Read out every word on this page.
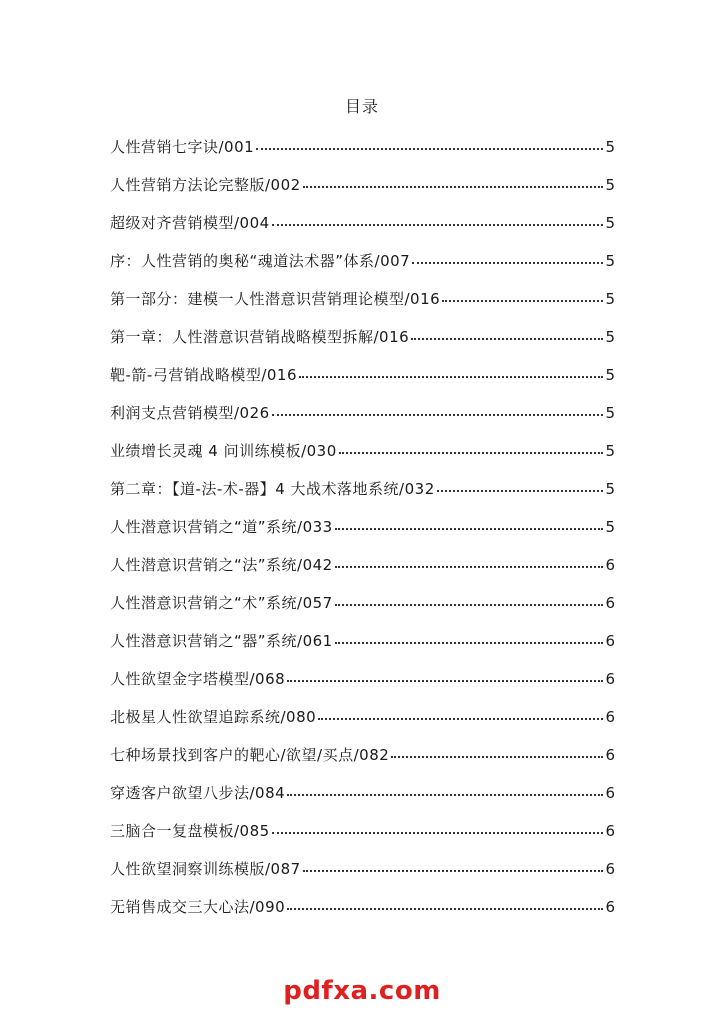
目录
人性营销七字诀/001	5
人性营销方法论完整版/002	5
超级对齐营销模型/004	5
序：人性营销的奥秘“魂道法术器”体系/007	5
第一部分：建模一人性潜意识营销理论模型/016	5
第一章：人性潜意识营销战略模型拆解/016	5
靶-箭-弓营销战略模型/016	5
利润支点营销模型/026	5
业绩增长灵魂 4 问训练模板/030	5
第二章：【道-法-术-器】4 大战术落地系统/032	5
人性潜意识营销之“道”系统/033	5
人性潜意识营销之“法”系统/042	6
人性潜意识营销之“术”系统/057	6
人性潜意识营销之“器”系统/061	6
人性欲望金字塔模型/068	6
北极星人性欲望追踪系统/080	6
七种场景找到客户的靶心/欲望/买点/082	6
穿透客户欲望八步法/084	6
三脑合一复盘模板/085	6
人性欲望洞察训练模版/087	6
无销售成交三大心法/090	6
pdfxa.com
